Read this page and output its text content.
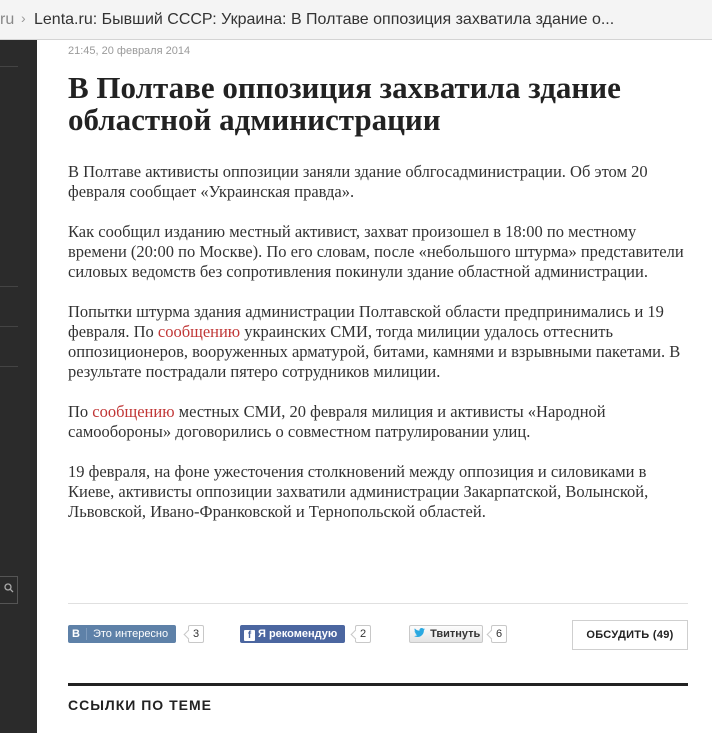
ru › Lenta.ru: Бывший СССР: Украина: В Полтаве оппозиция захватила здание о...
21:45, 20 февраля 2014
В Полтаве оппозиция захватила здание областной администрации

В Полтаве активисты оппозиции заняли здание облгосадминистрации. Об этом 20 февраля сообщает «Украинская правда».

Как сообщил изданию местный активист, захват произошел в 18:00 по местному времени (20:00 по Москве). По его словам, после «небольшого штурма» представители силовых ведомств без сопротивления покинули здание областной администрации.

Попытки штурма здания администрации Полтавской области предпринимались и 19 февраля. По сообщению украинских СМИ, тогда милиции удалось оттеснить оппозиционеров, вооруженных арматурой, битами, камнями и взрывными пакетами. В результате пострадали пятеро сотрудников милиции.

По сообщению местных СМИ, 20 февраля милиция и активисты «Народной самообороны» договорились о совместном патрулировании улиц.

19 февраля, на фоне ужесточения столкновений между оппозиция и силовиками в Киеве, активисты оппозиции захватили администрации Закарпатской, Волынской, Львовской, Ивано-Франковской и Тернопольской областей.

B Это интересно	3	f Я рекомендую	2	Твитнуть	6	ОБСУДИТЬ (49)
ССЫЛКИ ПО ТЕМЕ
